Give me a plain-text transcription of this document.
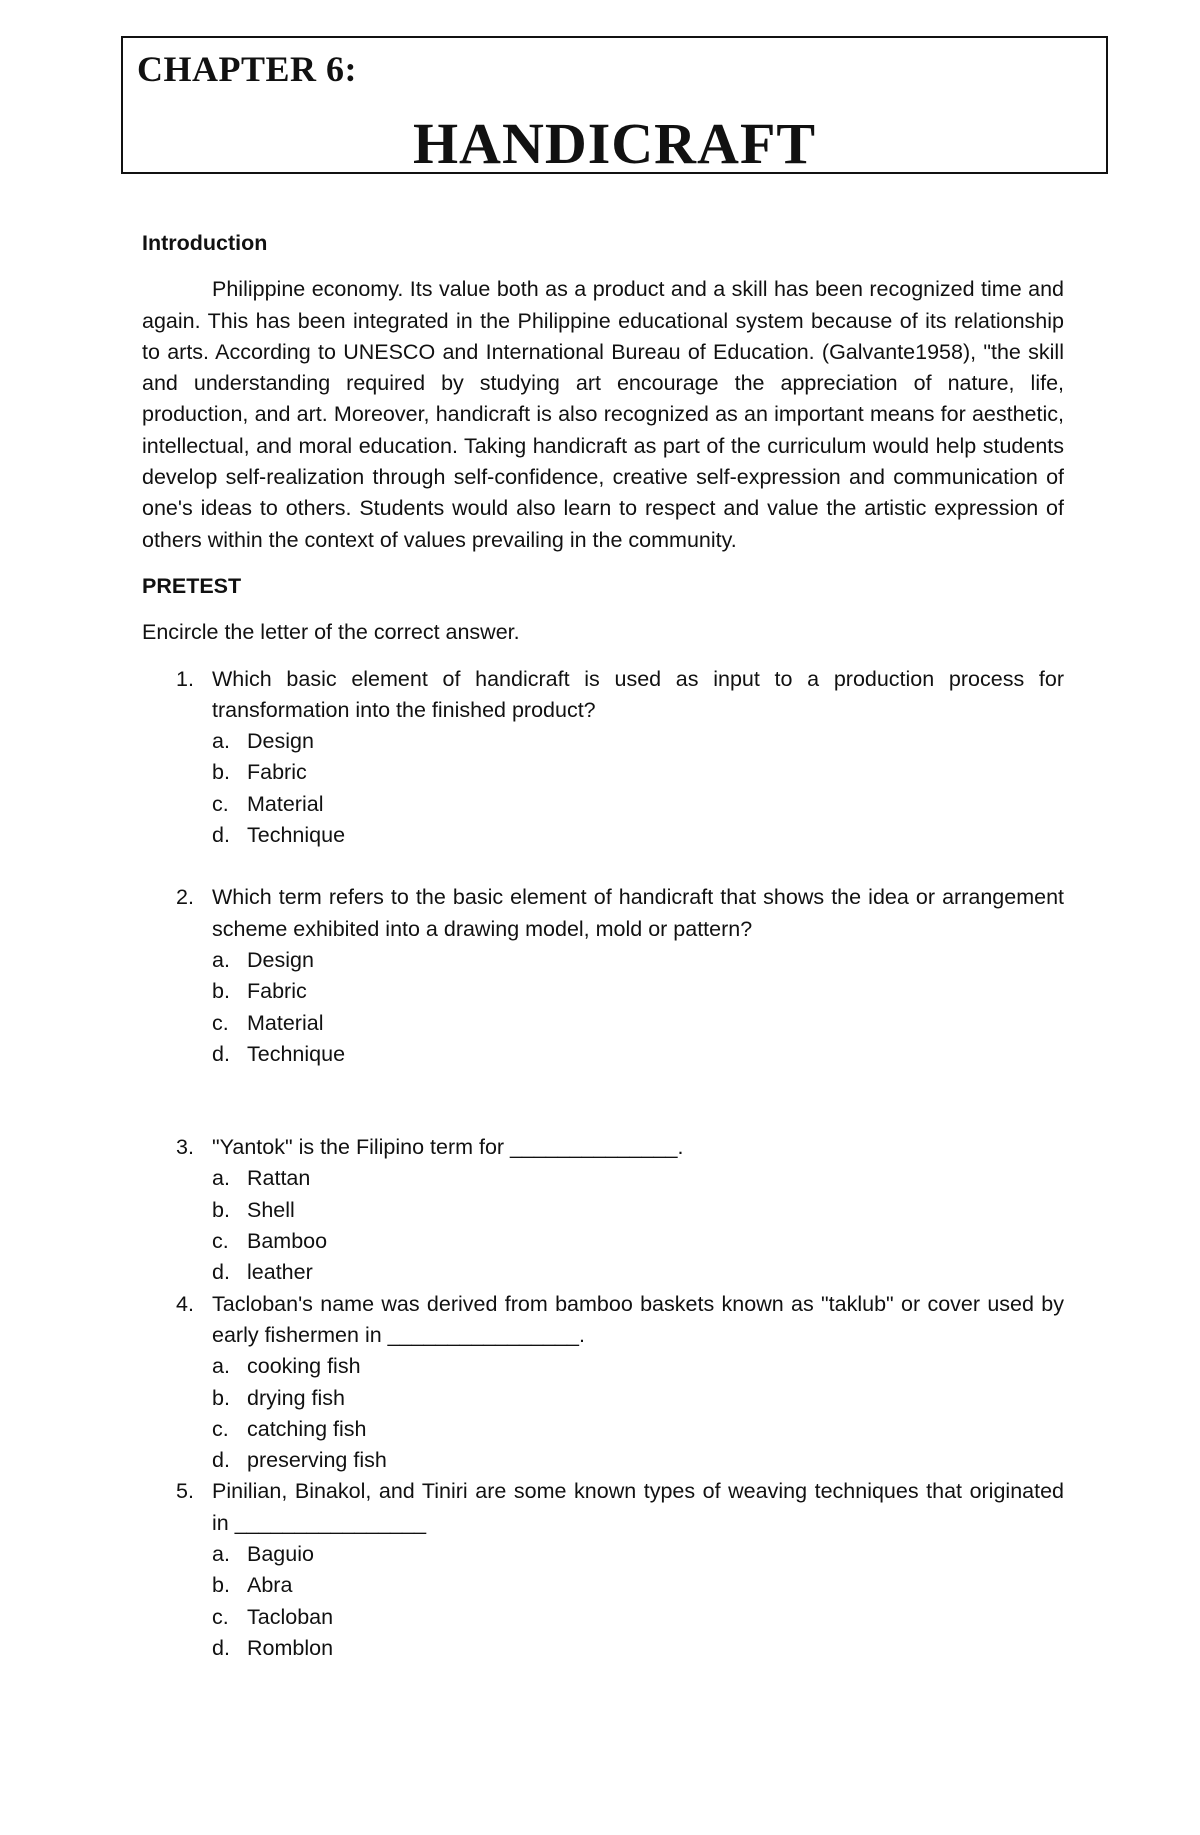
CHAPTER 6:
HANDICRAFT
Introduction

Philippine economy. Its value both as a product and a skill has been recognized time and again. This has been integrated in the Philippine educational system because of its relationship to arts. According to UNESCO and International Bureau of Education. (Galvante1958), "the skill and understanding required by studying art encourage the appreciation of nature, life, production, and art. Moreover, handicraft is also recognized as an important means for aesthetic, intellectual, and moral education. Taking handicraft as part of the curriculum would help students develop self-realization through self-confidence, creative self-expression and communication of one's ideas to others. Students would also learn to respect and value the artistic expression of others within the context of values prevailing in the community.

PRETEST
Encircle the letter of the correct answer.
1. Which basic element of handicraft is used as input to a production process for transformation into the finished product?
a. Design
b. Fabric
c. Material
d. Technique
2. Which term refers to the basic element of handicraft that shows the idea or arrangement scheme exhibited into a drawing model, mold or pattern?
a. Design
b. Fabric
c. Material
d. Technique
3. "Yantok" is the Filipino term for ______________.
a. Rattan
b. Shell
c. Bamboo
d. leather
4. Tacloban's name was derived from bamboo baskets known as "taklub" or cover used by early fishermen in ________________.
a. cooking fish
b. drying fish
c. catching fish
d. preserving fish
5. Pinilian, Binakol, and Tiniri are some known types of weaving techniques that originated in ________________
a. Baguio
b. Abra
c. Tacloban
d. Romblon
